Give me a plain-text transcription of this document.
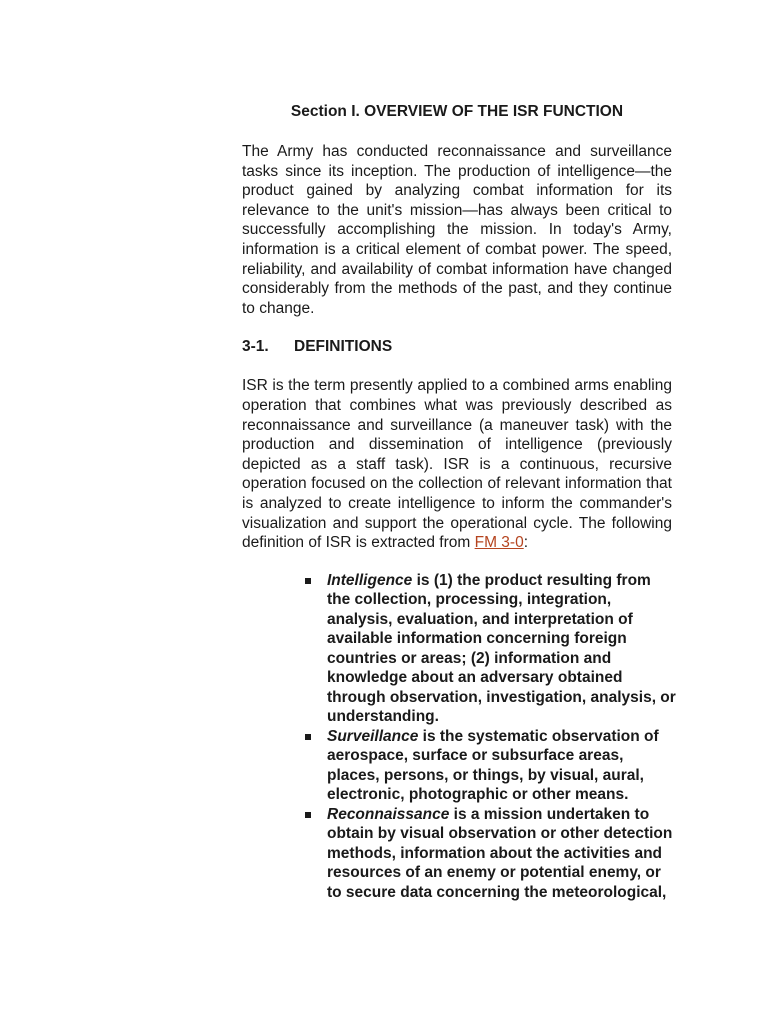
Section I. OVERVIEW OF THE ISR FUNCTION

The Army has conducted reconnaissance and surveillance tasks since its inception. The production of intelligence—the product gained by analyzing combat information for its relevance to the unit's mission—has always been critical to successfully accomplishing the mission. In today's Army, information is a critical element of combat power. The speed, reliability, and availability of combat information have changed considerably from the methods of the past, and they continue to change.

3-1.	DEFINITIONS

ISR is the term presently applied to a combined arms enabling operation that combines what was previously described as reconnaissance and surveillance (a maneuver task) with the production and dissemination of intelligence (previously depicted as a staff task). ISR is a continuous, recursive operation focused on the collection of relevant information that is analyzed to create intelligence to inform the commander's visualization and support the operational cycle. The following definition of ISR is extracted from FM 3-0:

Intelligence is (1) the product resulting from the collection, processing, integration, analysis, evaluation, and interpretation of available information concerning foreign countries or areas; (2) information and knowledge about an adversary obtained through observation, investigation, analysis, or understanding.
Surveillance is the systematic observation of aerospace, surface or subsurface areas, places, persons, or things, by visual, aural, electronic, photographic or other means.
Reconnaissance is a mission undertaken to obtain by visual observation or other detection methods, information about the activities and resources of an enemy or potential enemy, or to secure data concerning the meteorological,
